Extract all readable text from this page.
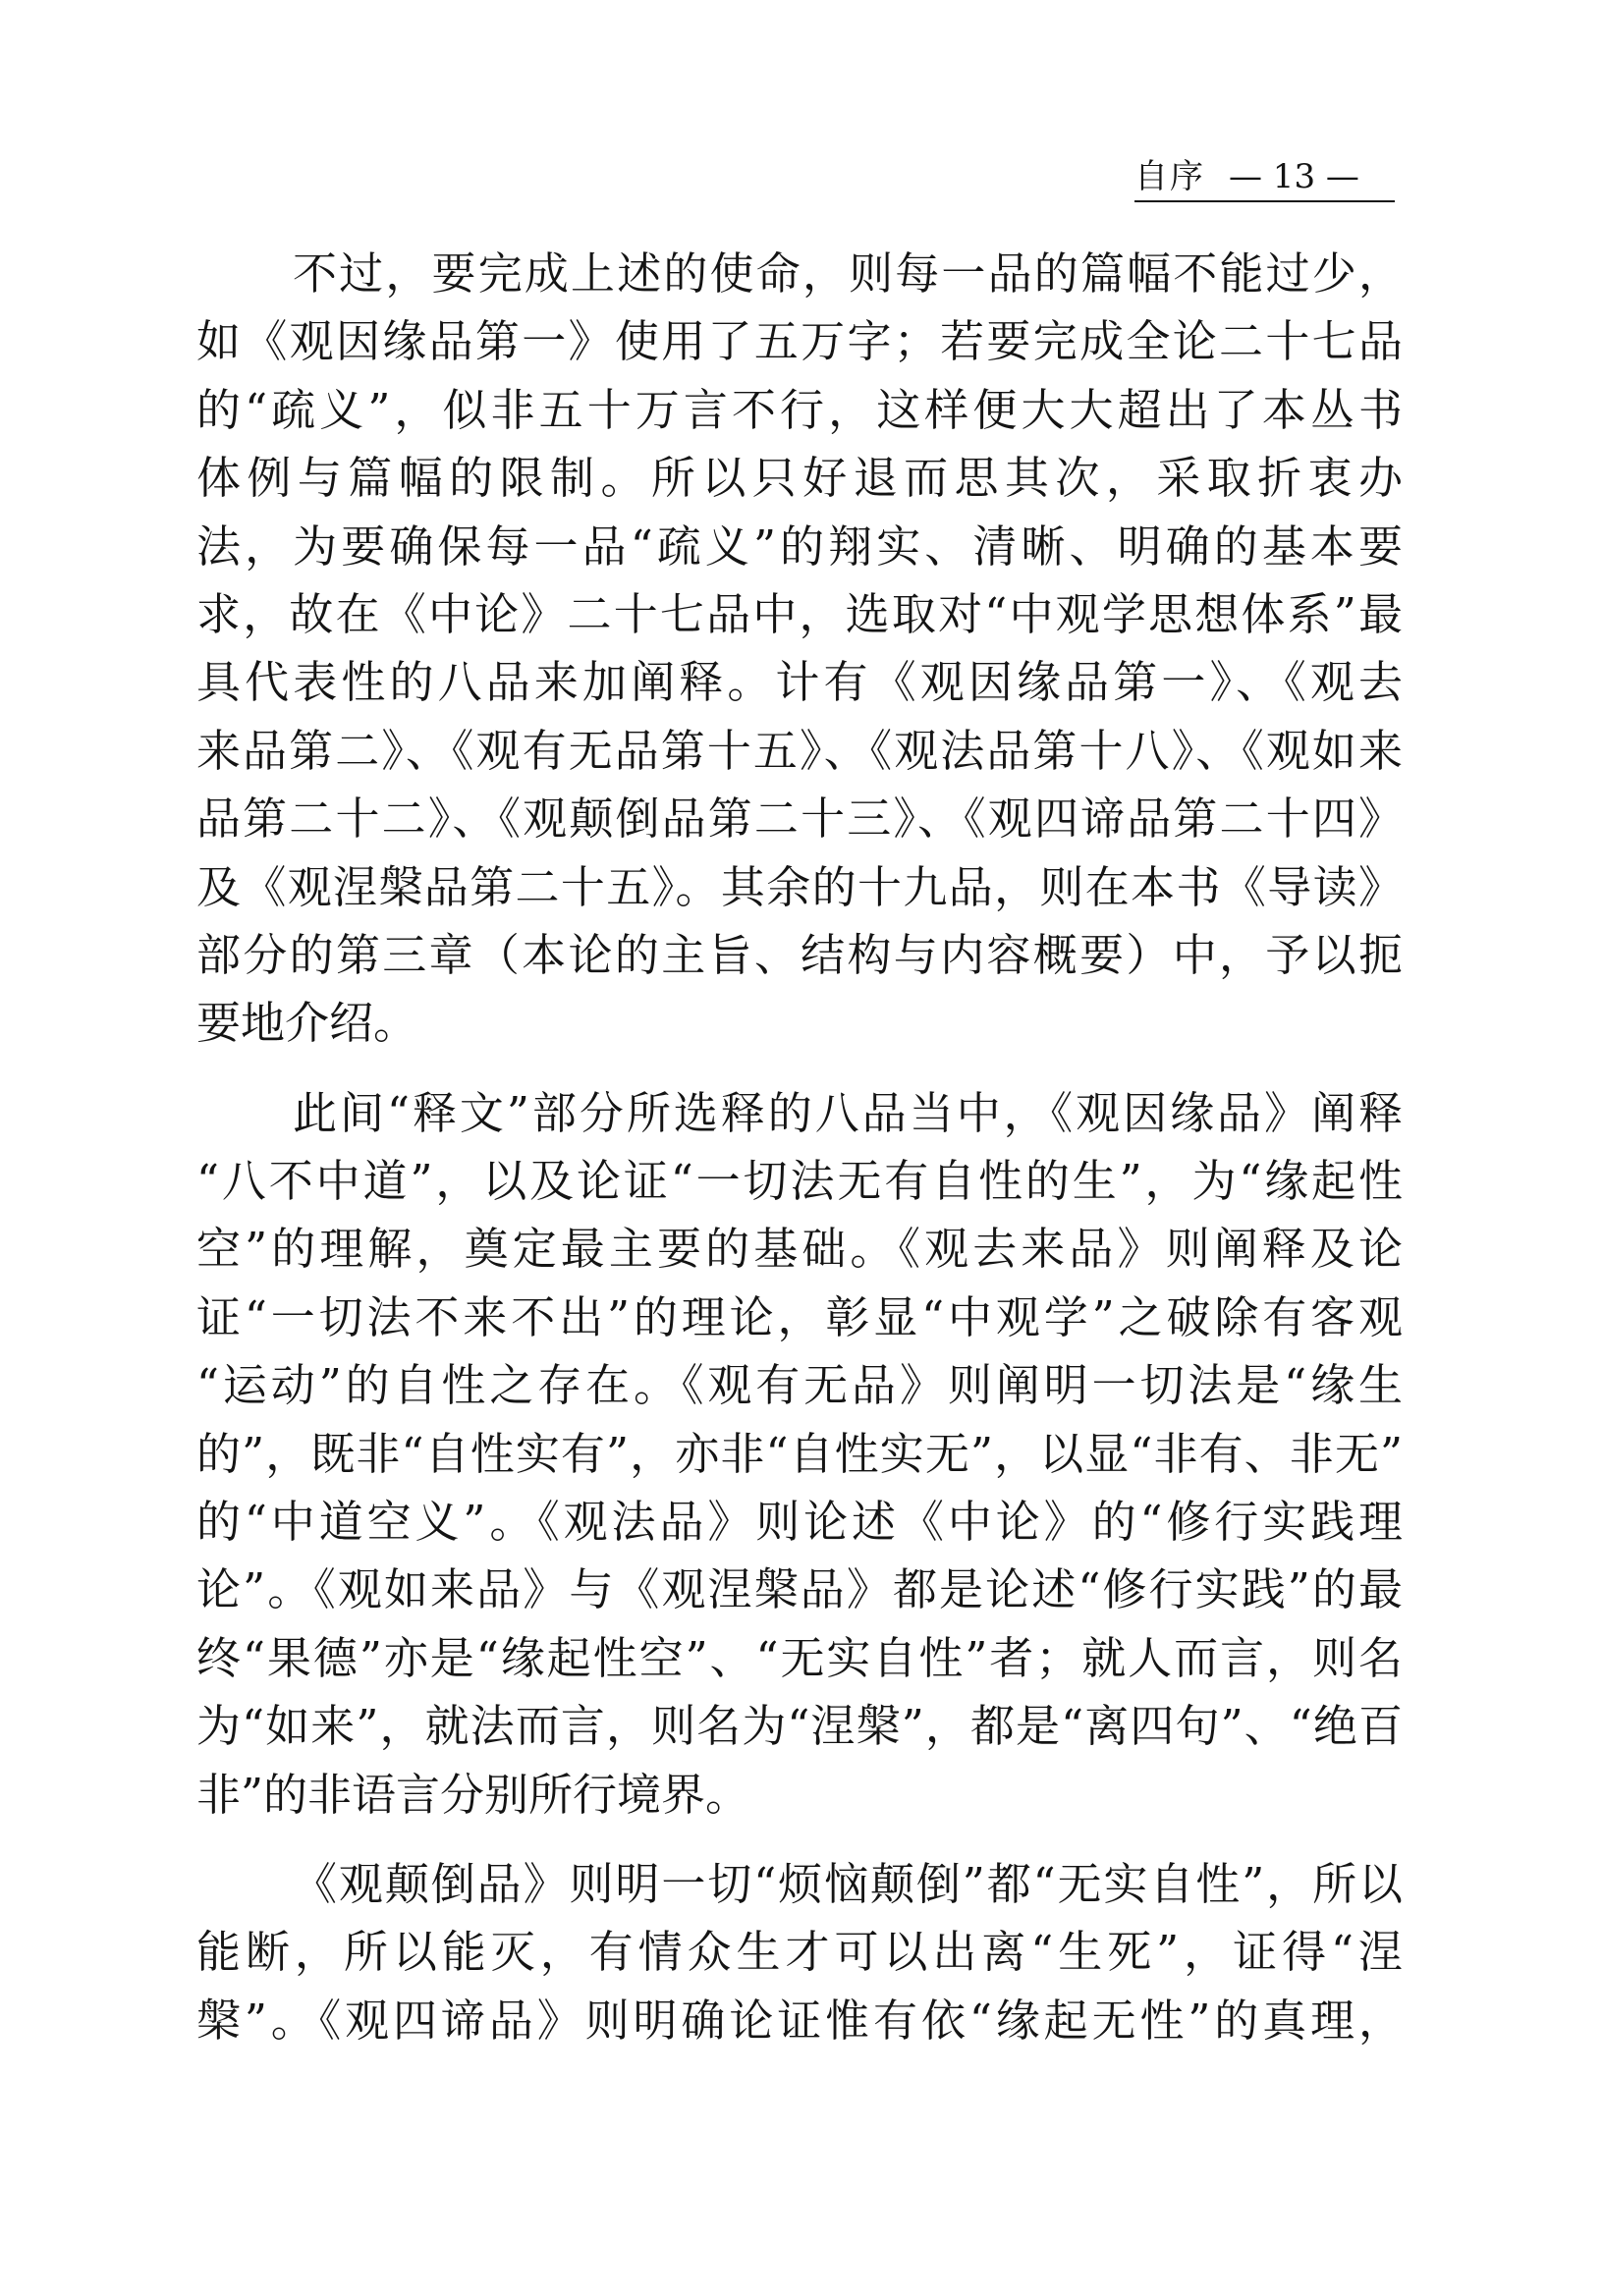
自序 — 13 —
不过，要完成上述的使命，则每一品的篇幅不能过少，
如《观因缘品第一》使用了五万字；若要完成全论二十七品
的“疏义”，似非五十万言不行，这样便大大超出了本丛书
体例与篇幅的限制。所以只好退而思其次，采取折衷办
法，为要确保每一品“疏义”的翔实、清晰、明确的基本要
求，故在《中论》二十七品中，选取对“中观学思想体系”最
具代表性的八品来加阐释。计有《观因缘品第一》、《观去
来品第二》、《观有无品第十五》、《观法品第十八》、《观如来
品第二十二》、《观颠倒品第二十三》、《观四谛品第二十四》
及《观涅槃品第二十五》。其余的十九品，则在本书《导读》
部分的第三章（本论的主旨、结构与内容概要）中，予以扼
要地介绍。
此间“释文”部分所选释的八品当中，《观因缘品》阐释
“八不中道”，以及论证“一切法无有自性的生”，为“缘起性
空”的理解，奠定最主要的基础。《观去来品》则阐释及论
证“一切法不来不出”的理论，彰显“中观学”之破除有客观
“运动”的自性之存在。《观有无品》则阐明一切法是“缘生
的”，既非“自性实有”，亦非“自性实无”，以显“非有、非无”
的“中道空义”。《观法品》则论述《中论》的“修行实践理
论”。《观如来品》与《观涅槃品》都是论述“修行实践”的最
终“果德”亦是“缘起性空”、“无实自性”者；就人而言，则名
为“如来”，就法而言，则名为“涅槃”，都是“离四句”、“绝百
非”的非语言分别所行境界。
《观颠倒品》则明一切“烦恼颠倒”都“无实自性”，所以
能断，所以能灭，有情众生才可以出离“生死”，证得“涅
槃”。《观四谛品》则明确论证惟有依“缘起无性”的真理，
